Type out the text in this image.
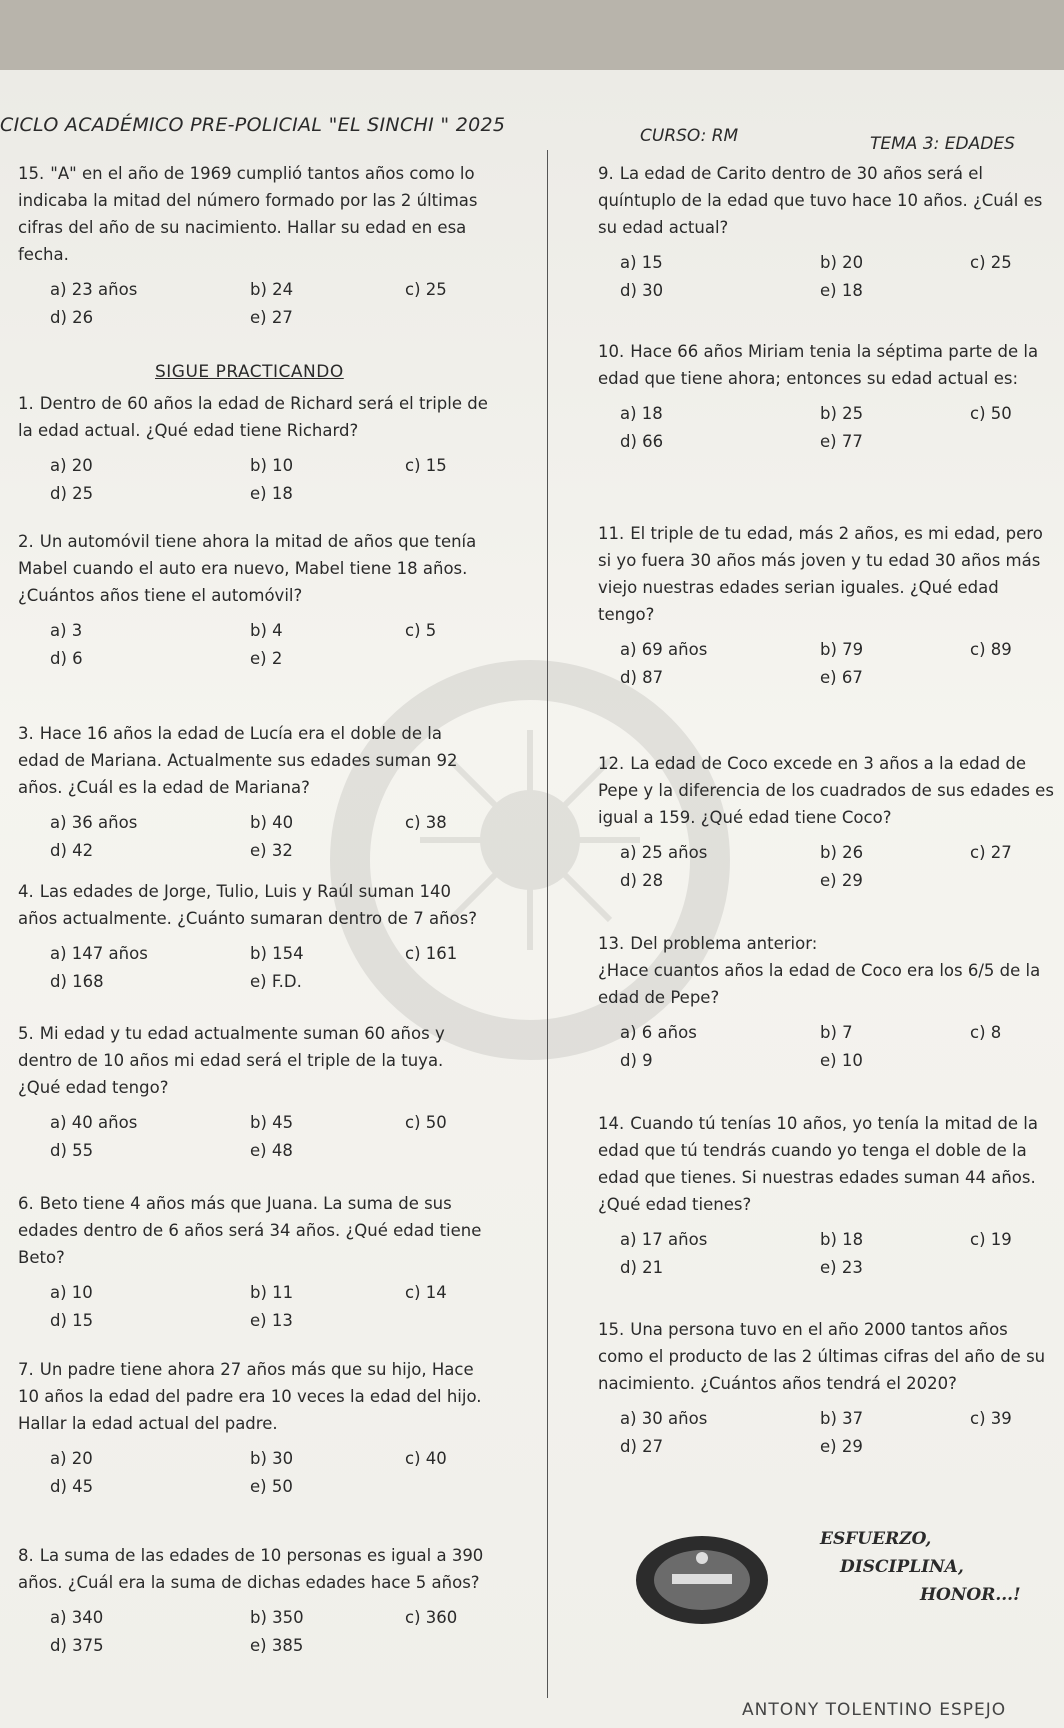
CICLO ACADÉMICO PRE-POLICIAL "EL SINCHI " 2025	CURSO: RM	TEMA 3: EDADES
SIGUE PRACTICANDO

15. "A" en el año de 1969 cumplió tantos años como lo indicaba la mitad del número formado por las 2 últimas cifras del año de su nacimiento. Hallar su edad en esa fecha.

a) 23 años	b) 24	c) 25
d) 26	e) 27

1. Dentro de 60 años la edad de Richard será el triple de la edad actual. ¿Qué edad tiene Richard?

a) 20	b) 10	c) 15
d) 25	e) 18

2. Un automóvil tiene ahora la mitad de años que tenía Mabel cuando el auto era nuevo, Mabel tiene 18 años. ¿Cuántos años tiene el automóvil?

a) 3	b) 4	c) 5
d) 6	e) 2

3. Hace 16 años la edad de Lucía era el doble de la edad de Mariana. Actualmente sus edades suman 92 años. ¿Cuál es la edad de Mariana?

a) 36 años	b) 40	c) 38
d) 42	e) 32

4. Las edades de Jorge, Tulio, Luis y Raúl suman 140 años actualmente. ¿Cuánto sumaran dentro de 7 años?

a) 147 años	b) 154	c) 161
d) 168	e) F.D.

5. Mi edad y tu edad actualmente suman 60 años y dentro de 10 años mi edad será el triple de la tuya. ¿Qué edad tengo?

a) 40 años	b) 45	c) 50
d) 55	e) 48

6. Beto tiene 4 años más que Juana. La suma de sus edades dentro de 6 años será 34 años. ¿Qué edad tiene Beto?

a) 10	b) 11	c) 14
d) 15	e) 13

7. Un padre tiene ahora 27 años más que su hijo, Hace 10 años la edad del padre era 10 veces la edad del hijo. Hallar la edad actual del padre.

a) 20	b) 30	c) 40
d) 45	e) 50

8. La suma de las edades de 10 personas es igual a 390 años. ¿Cuál era la suma de dichas edades hace 5 años?

a) 340	b) 350	c) 360
d) 375	e) 385

9. La edad de Carito dentro de 30 años será el quíntuplo de la edad que tuvo hace 10 años. ¿Cuál es su edad actual?

a) 15	b) 20	c) 25
d) 30	e) 18

10. Hace 66 años Miriam tenia la séptima parte de la edad que tiene ahora; entonces su edad actual es:

a) 18	b) 25	c) 50
d) 66	e) 77

11. El triple de tu edad, más 2 años, es mi edad, pero si yo fuera 30 años más joven y tu edad 30 años más viejo nuestras edades serian iguales. ¿Qué edad tengo?

a) 69 años	b) 79	c) 89
d) 87	e) 67

12. La edad de Coco excede en 3 años a la edad de Pepe y la diferencia de los cuadrados de sus edades es igual a 159. ¿Qué edad tiene Coco?

a) 25 años	b) 26	c) 27
d) 28	e) 29

13. Del problema anterior:
¿Hace cuantos años la edad de Coco era los 6/5 de la edad de Pepe?

a) 6 años	b) 7	c) 8
d) 9	e) 10

14. Cuando tú tenías 10 años, yo tenía la mitad de la edad que tú tendrás cuando yo tenga el doble de la edad que tienes. Si nuestras edades suman 44 años. ¿Qué edad tienes?

a) 17 años	b) 18	c) 19
d) 21	e) 23

15. Una persona tuvo en el año 2000 tantos años como el producto de las 2 últimas cifras del año de su nacimiento. ¿Cuántos años tendrá el 2020?

a) 30 años	b) 37	c) 39
d) 27	e) 29
ESFUERZO,
DISCIPLINA,
HONOR...!
ANTONY TOLENTINO ESPEJO
